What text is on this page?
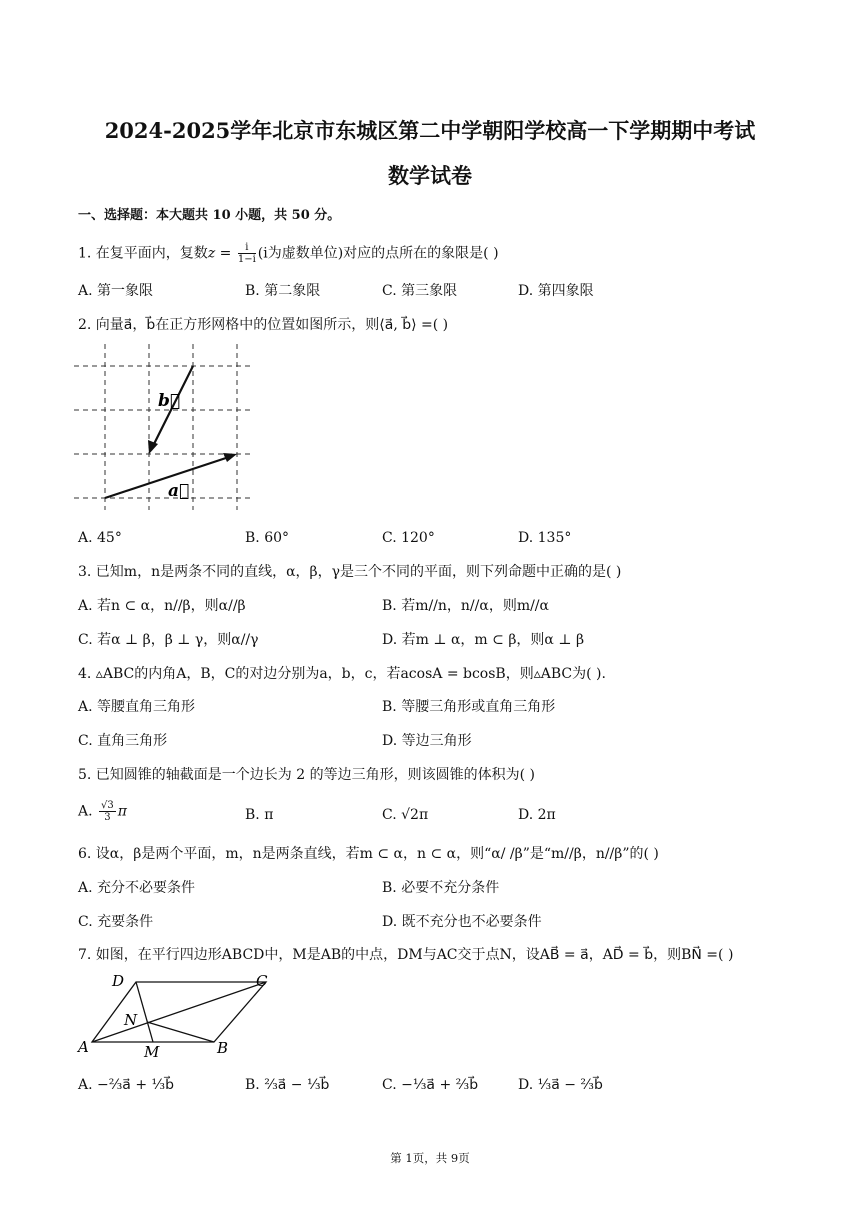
2024-2025学年北京市东城区第二中学朝阳学校高一下学期期中考试
数学试卷
一、选择题：本大题共 10 小题，共 50 分。
1. 在复平面内，复数$z = \frac{i}{1-i} (i$为虚数单位)对应的点所在的象限是( )
A. 第一象限	B. 第二象限	C. 第三象限	D. 第四象限
2. 向量a⃗，b⃗在正方形网格中的位置如图所示，则⟨a⃗, b⃗⟩ =( )
b⃗
a⃗
A. 45°	B. 60°	C. 120°	D. 135°
3. 已知m，n是两条不同的直线，α，β，γ是三个不同的平面，则下列命题中正确的是( )
A. 若n ⊂ α，n//β，则α//β	B. 若m//n，n//α，则m//α
C. 若α ⊥ β，β ⊥ γ，则α//γ	D. 若m ⊥ α，m ⊂ β，则α ⊥ β
4. ▵ABC的内角A，B，C的对边分别为a，b，c，若acosA = bcosB，则▵ABC为( ).
A. 等腰直角三角形	B. 等腰三角形或直角三角形
C. 直角三角形	D. 等边三角形
5. 已知圆锥的轴截面是一个边长为 2 的等边三角形，则该圆锥的体积为( )
A. $\frac{√3}{3}$ π	B. π	C. √2π	D. 2π
6. 设α，β是两个平面，m，n是两条直线，若m ⊂ α，n ⊂ α，则“α/ /β”是“m//β，n//β”的( )
A. 充分不必要条件	B. 必要不充分条件
C. 充要条件	D. 既不充分也不必要条件
7. 如图，在平行四边形ABCD中，M是AB的中点，DM与AC交于点N，设AB⃗ = a⃗，AD⃗ = b⃗，则BN⃗ =( )
D	C
N
A	M	B
A. −⅔a⃗ + ⅓b⃗	B. ⅔a⃗ − ⅓b⃗	C. −⅓a⃗ + ⅔b⃗	D. ⅓a⃗ − ⅔b⃗
第 1页，共 9页
